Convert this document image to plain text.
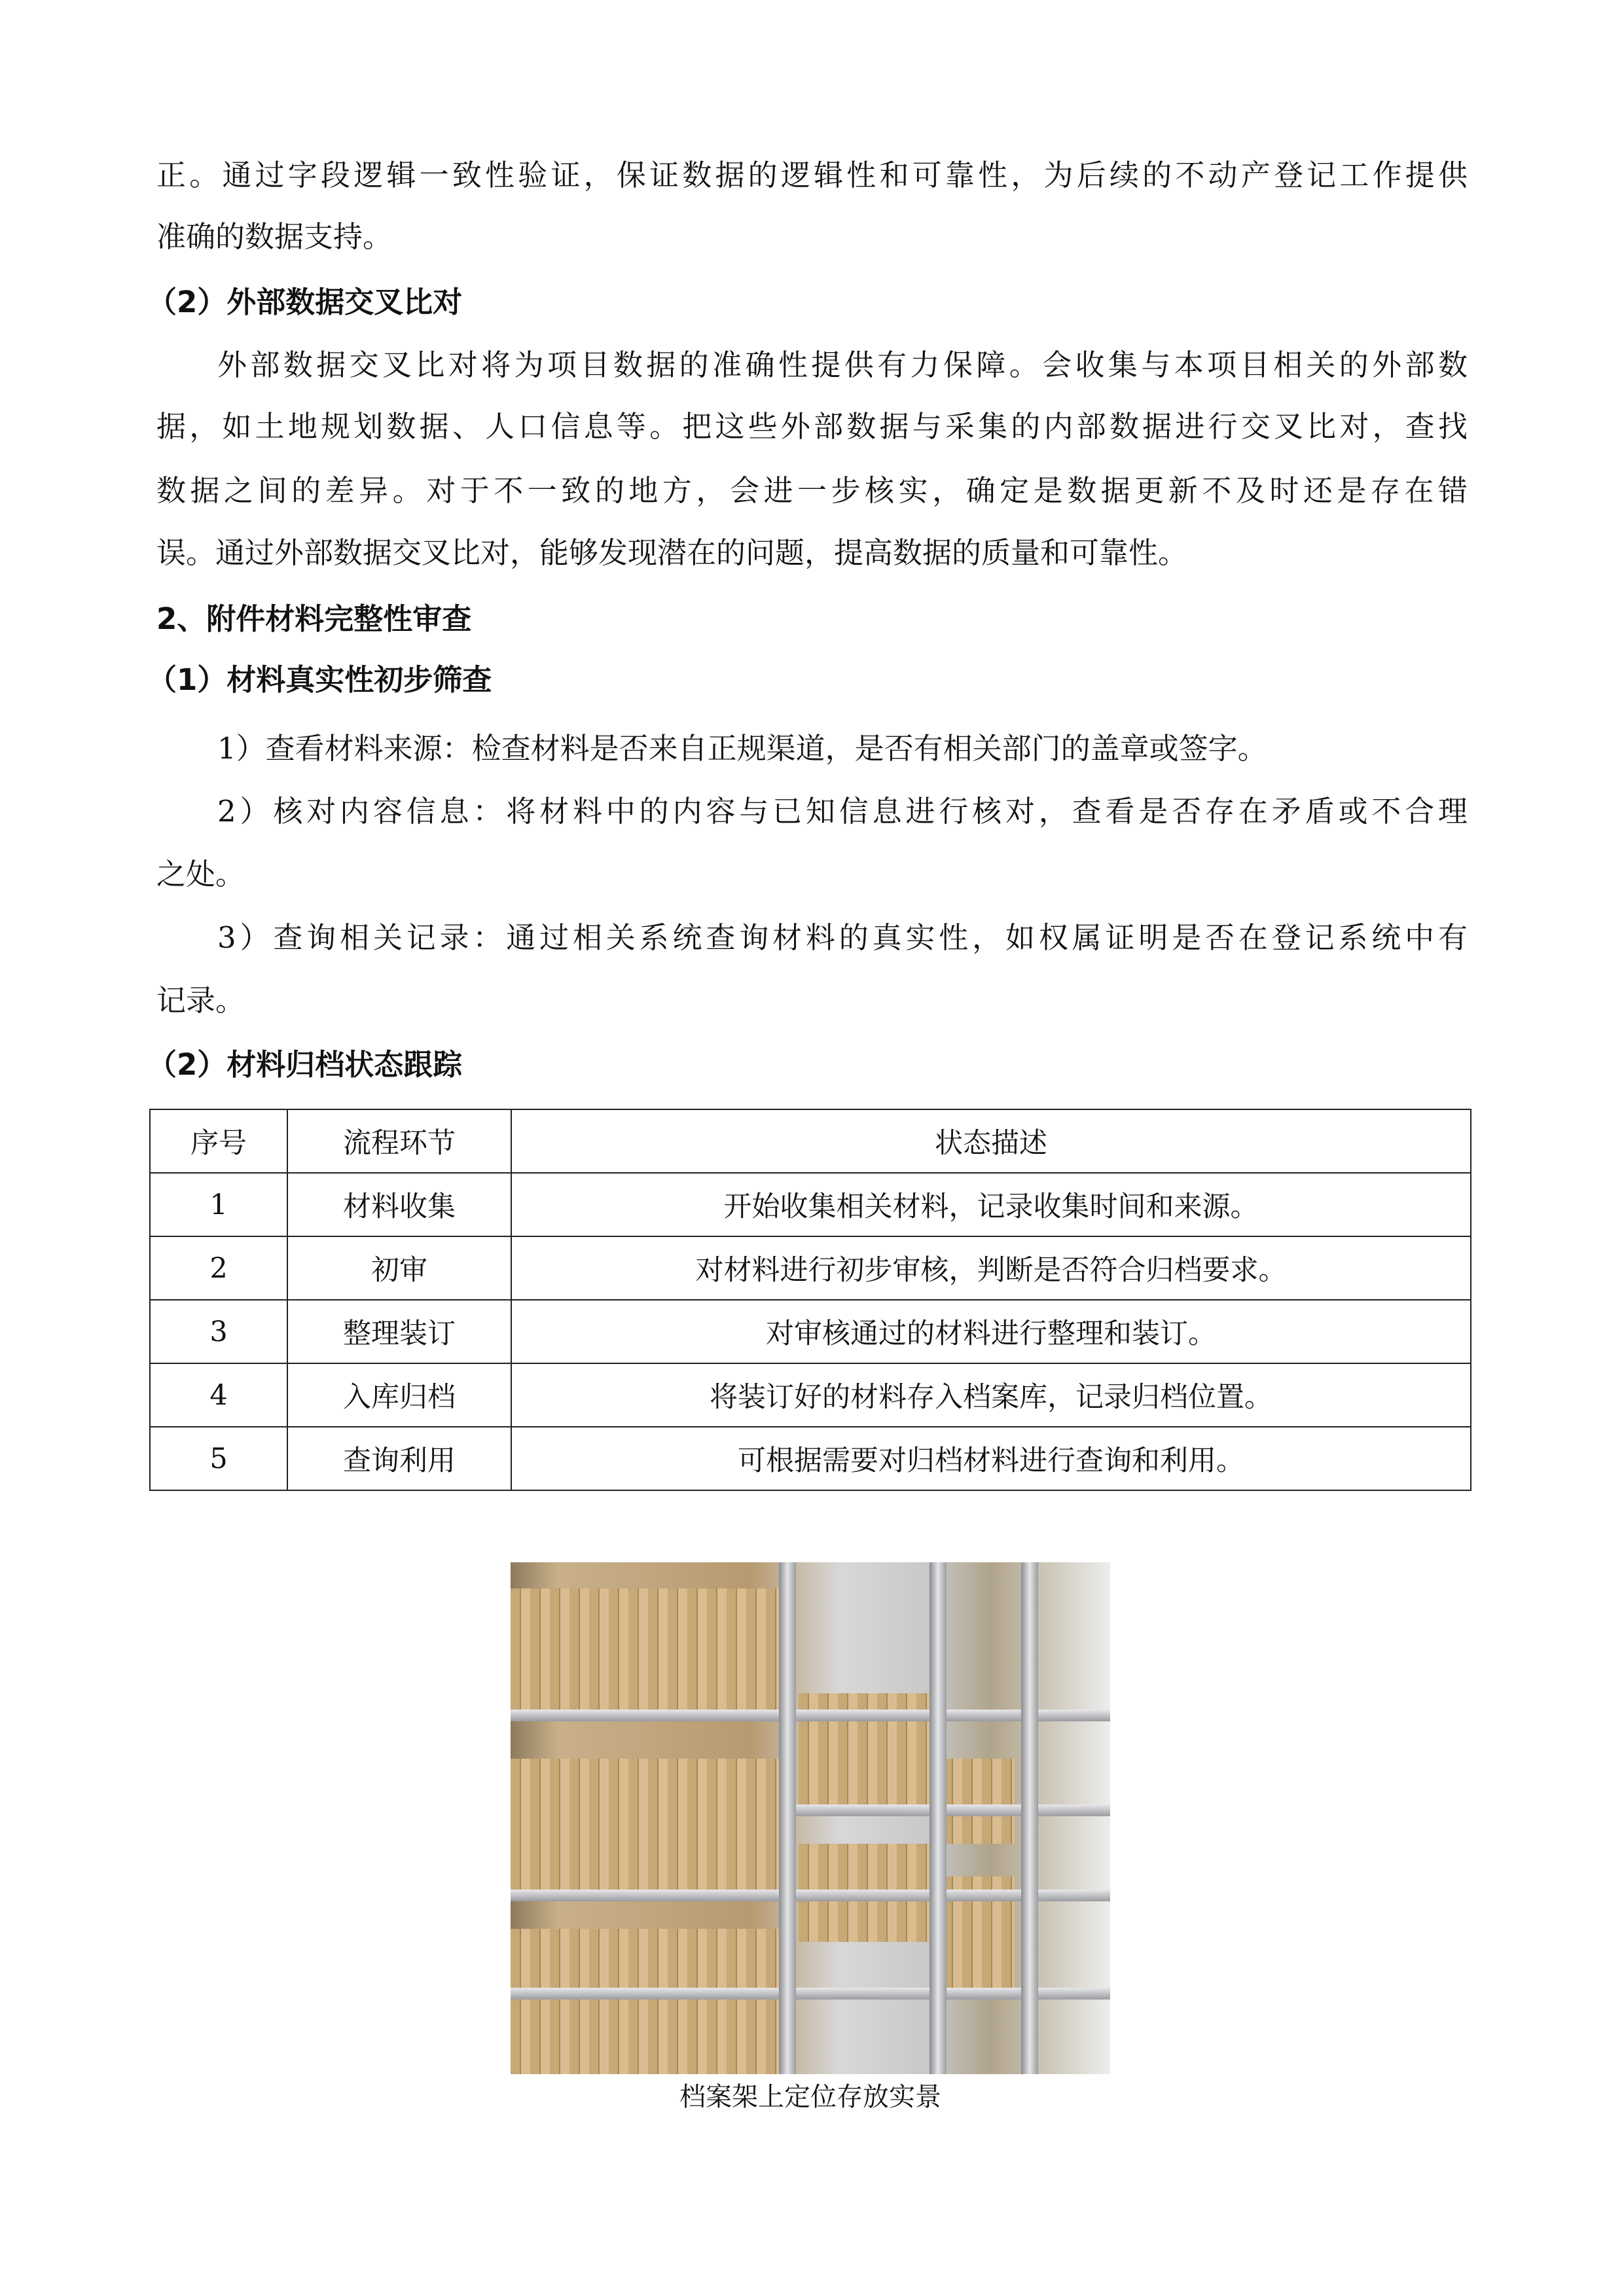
正。通过字段逻辑一致性验证，保证数据的逻辑性和可靠性，为后续的不动产登记工作提供
准确的数据支持。
（2）外部数据交叉比对
外部数据交叉比对将为项目数据的准确性提供有力保障。会收集与本项目相关的外部数
据，如土地规划数据、人口信息等。把这些外部数据与采集的内部数据进行交叉比对，查找
数据之间的差异。对于不一致的地方，会进一步核实，确定是数据更新不及时还是存在错
误。通过外部数据交叉比对，能够发现潜在的问题，提高数据的质量和可靠性。
2、附件材料完整性审查
（1）材料真实性初步筛查
1）查看材料来源：检查材料是否来自正规渠道，是否有相关部门的盖章或签字。
2）核对内容信息：将材料中的内容与已知信息进行核对，查看是否存在矛盾或不合理
之处。
3）查询相关记录：通过相关系统查询材料的真实性，如权属证明是否在登记系统中有
记录。
（2）材料归档状态跟踪
序号	流程环节	状态描述
1	材料收集	开始收集相关材料，记录收集时间和来源。
2	初审	对材料进行初步审核，判断是否符合归档要求。
3	整理装订	对审核通过的材料进行整理和装订。
4	入库归档	将装订好的材料存入档案库，记录归档位置。
5	查询利用	可根据需要对归档材料进行查询和利用。
档案架上定位存放实景
